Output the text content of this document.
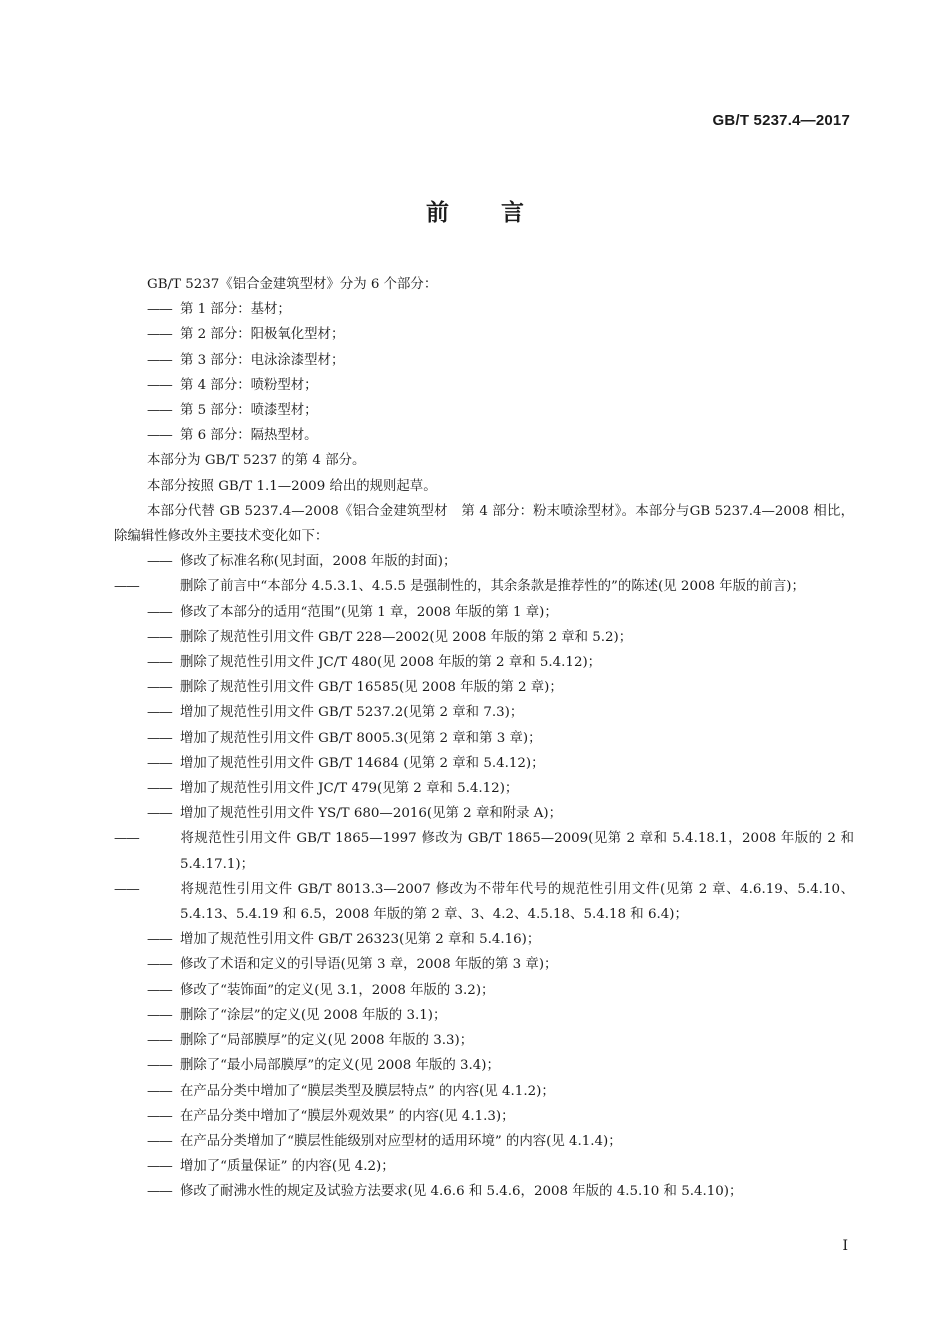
GB/T 5237.4—2017
前言

GB/T 5237《铝合金建筑型材》分为 6 个部分：

—— 第 1 部分：基材；

—— 第 2 部分：阳极氧化型材；

—— 第 3 部分：电泳涂漆型材；

—— 第 4 部分：喷粉型材；

—— 第 5 部分：喷漆型材；

—— 第 6 部分：隔热型材。

本部分为 GB/T 5237 的第 4 部分。

本部分按照 GB/T 1.1—2009 给出的规则起草。

本部分代替 GB 5237.4—2008《铝合金建筑型材　第 4 部分：粉末喷涂型材》。本部分与GB 5237.4—2008 相比，除编辑性修改外主要技术变化如下：

—— 修改了标准名称(见封面，2008 年版的封面)；

——	删除了前言中“本部分 4.5.3.1、4.5.5 是强制性的，其余条款是推荐性的”的陈述(见 2008 年版的前言)；

—— 修改了本部分的适用“范围”(见第 1 章，2008 年版的第 1 章)；

—— 删除了规范性引用文件 GB/T 228—2002(见 2008 年版的第 2 章和 5.2)；

—— 删除了规范性引用文件 JC/T 480(见 2008 年版的第 2 章和 5.4.12)；

—— 删除了规范性引用文件 GB/T 16585(见 2008 年版的第 2 章)；

—— 增加了规范性引用文件 GB/T 5237.2(见第 2 章和 7.3)；

—— 增加了规范性引用文件 GB/T 8005.3(见第 2 章和第 3 章)；

—— 增加了规范性引用文件 GB/T 14684 (见第 2 章和 5.4.12)；

—— 增加了规范性引用文件 JC/T 479(见第 2 章和 5.4.12)；

—— 增加了规范性引用文件 YS/T 680—2016(见第 2 章和附录 A)；

——	将规范性引用文件 GB/T 1865—1997 修改为 GB/T 1865—2009(见第 2 章和 5.4.18.1，2008 年版的 2 和 5.4.17.1)；

——	将规范性引用文件 GB/T 8013.3—2007 修改为不带年代号的规范性引用文件(见第 2 章、4.6.19、5.4.10、5.4.13、5.4.19 和 6.5，2008 年版的第 2 章、3、4.2、4.5.18、5.4.18 和 6.4)；

—— 增加了规范性引用文件 GB/T 26323(见第 2 章和 5.4.16)；

—— 修改了术语和定义的引导语(见第 3 章，2008 年版的第 3 章)；

—— 修改了“装饰面”的定义(见 3.1，2008 年版的 3.2)；

—— 删除了“涂层”的定义(见 2008 年版的 3.1)；

—— 删除了“局部膜厚”的定义(见 2008 年版的 3.3)；

—— 删除了“最小局部膜厚”的定义(见 2008 年版的 3.4)；

—— 在产品分类中增加了“膜层类型及膜层特点” 的内容(见 4.1.2)；

—— 在产品分类中增加了“膜层外观效果” 的内容(见 4.1.3)；

—— 在产品分类增加了“膜层性能级别对应型材的适用环境” 的内容(见 4.1.4)；

—— 增加了“质量保证” 的内容(见 4.2)；

—— 修改了耐沸水性的规定及试验方法要求(见 4.6.6 和 5.4.6，2008 年版的 4.5.10 和 5.4.10)；

I
